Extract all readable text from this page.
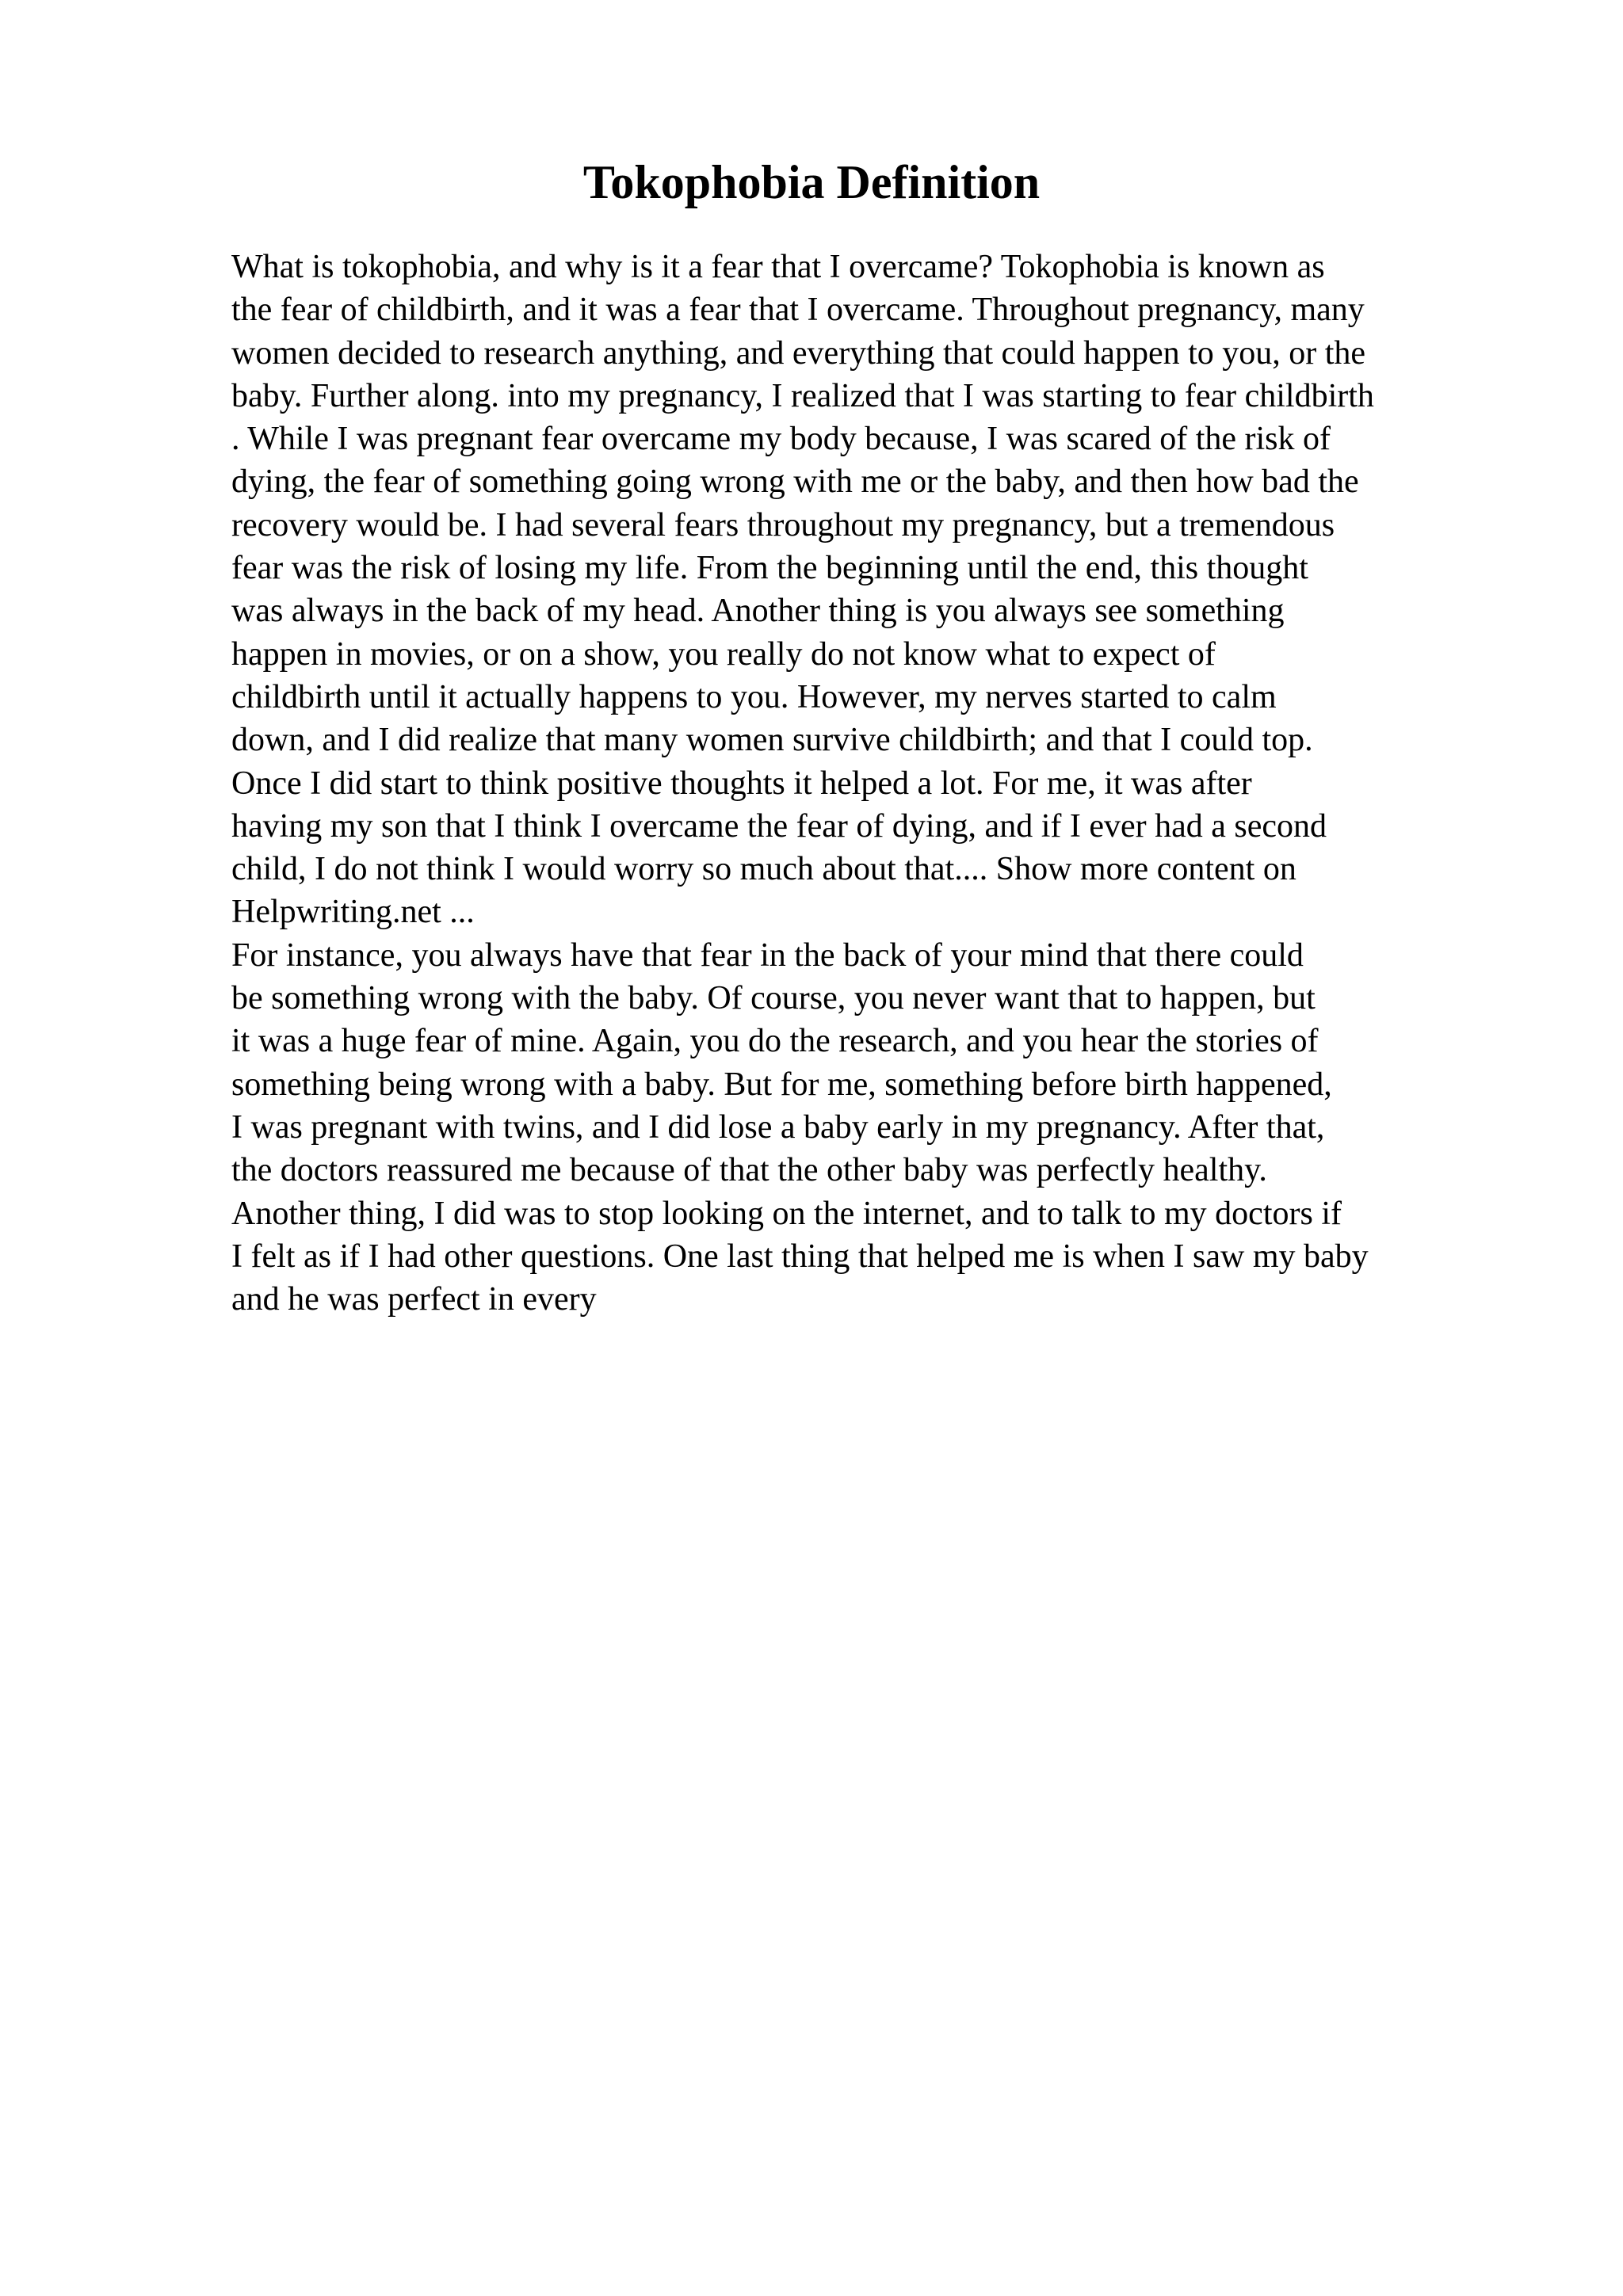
Tokophobia Definition
What is tokophobia, and why is it a fear that I overcame? Tokophobia is known as
the fear of childbirth, and it was a fear that I overcame. Throughout pregnancy, many
women decided to research anything, and everything that could happen to you, or the
baby. Further along. into my pregnancy, I realized that I was starting to fear childbirth
. While I was pregnant fear overcame my body because, I was scared of the risk of
dying, the fear of something going wrong with me or the baby, and then how bad the
recovery would be. I had several fears throughout my pregnancy, but a tremendous
fear was the risk of losing my life. From the beginning until the end, this thought
was always in the back of my head. Another thing is you always see something
happen in movies, or on a show, you really do not know what to expect of
childbirth until it actually happens to you. However, my nerves started to calm
down, and I did realize that many women survive childbirth; and that I could top.
Once I did start to think positive thoughts it helped a lot. For me, it was after
having my son that I think I overcame the fear of dying, and if I ever had a second
child, I do not think I would worry so much about that.... Show more content on
Helpwriting.net ...
For instance, you always have that fear in the back of your mind that there could
be something wrong with the baby. Of course, you never want that to happen, but
it was a huge fear of mine. Again, you do the research, and you hear the stories of
something being wrong with a baby. But for me, something before birth happened,
I was pregnant with twins, and I did lose a baby early in my pregnancy. After that,
the doctors reassured me because of that the other baby was perfectly healthy.
Another thing, I did was to stop looking on the internet, and to talk to my doctors if
I felt as if I had other questions. One last thing that helped me is when I saw my baby
and he was perfect in every
